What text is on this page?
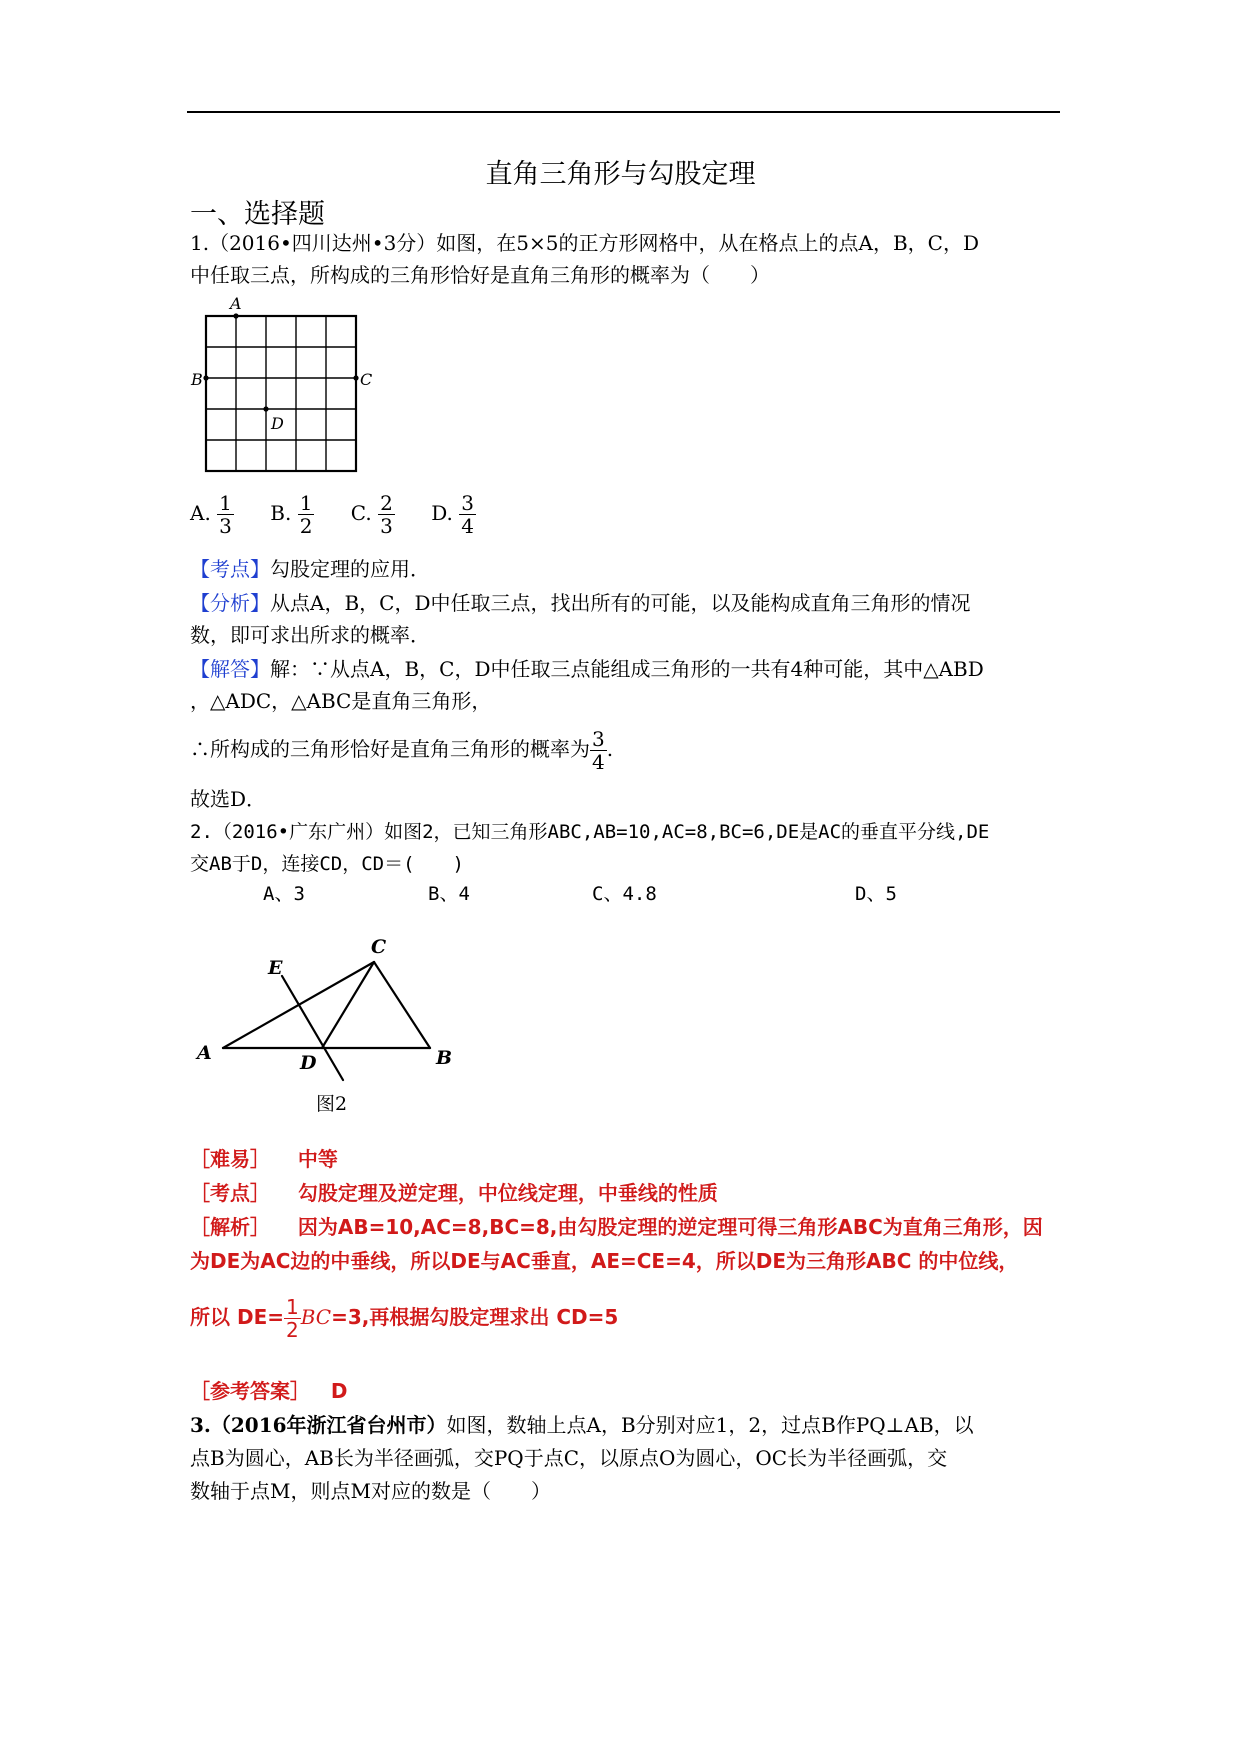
直角三角形与勾股定理
一、选择题
1.（2016•四川达州•3分）如图，在5×5的正方形网格中，从在格点上的点A，B，C，D
中任取三点，所构成的三角形恰好是直角三角形的概率为（　　）
A
B	C
D
A. $\frac{1}{3} B$. $\frac{1}{2} C$. $\frac{2}{3} D$. $\frac{3}{4}$
【考点】勾股定理的应用．
【分析】从点A，B，C，D中任取三点，找出所有的可能，以及能构成直角三角形的情况
数，即可求出所求的概率．
【解答】解：∵从点A，B，C，D中任取三点能组成三角形的一共有4种可能，其中△ABD
，△ADC，△ABC是直角三角形，
∴所构成的三角形恰好是直角三角形的概率为 $\frac{3}{4}$ .
故选D．
2.（2016•广东广州）如图2，已知三角形ABC,AB=10,AC=8,BC=6,DE是AC的垂直平分线,DE
交AB于D，连接CD，CD＝(　　)
A、3	B、4	C、4.8	D、5
A	B
C
D
E
图2
［难易］ 中等
［考点］ 勾股定理及逆定理，中位线定理，中垂线的性质
［解析］ 因为AB=10,AC=8,BC=8,由勾股定理的逆定理可得三角形ABC为直角三角形，因
为DE为AC边的中垂线，所以DE与AC垂直，AE=CE=4，所以DE为三角形ABC 的中位线，
所以 $DE= \frac{1}{2} BC=3$,再根据勾股定理求出 CD=5
［参考答案］ D
3.（2016年浙江省台州市）如图，数轴上点A，B分别对应1，2，过点B作PQ⊥AB，以
点B为圆心，AB长为半径画弧，交PQ于点C，以原点O为圆心，OC长为半径画弧，交
数轴于点M，则点M对应的数是（　　）
